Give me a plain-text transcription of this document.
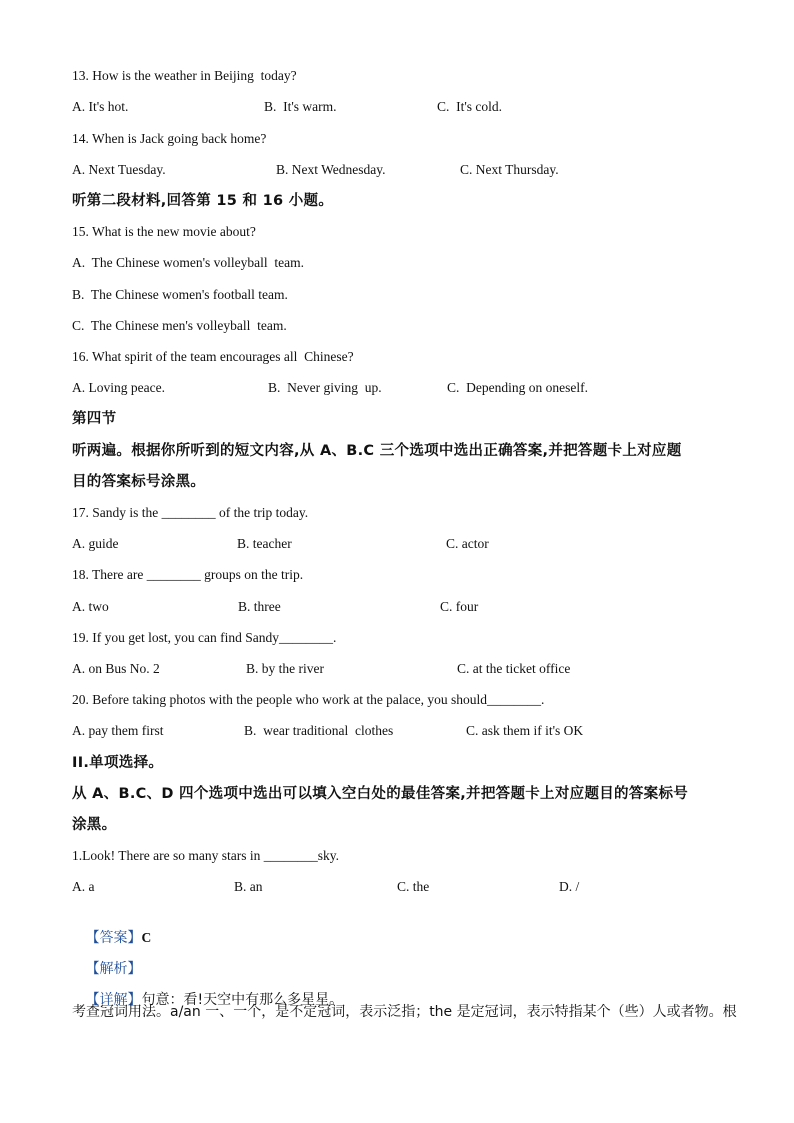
13. How is the weather in Beijing  today?
A. It's hot.	B.  It's warm.	C.  It's cold.
14. When is Jack going back home?
A. Next Tuesday.	B. Next Wednesday.	C. Next Thursday.
听第二段材料,回答第 15 和 16 小题。
15. What is the new movie about?
A.  The Chinese women's volleyball  team.
B.  The Chinese women's football team.
C.  The Chinese men's volleyball  team.
16. What spirit of the team encourages all  Chinese?
A. Loving peace.	B.  Never giving  up.	C.  Depending on oneself.
第四节
听两遍。根据你所听到的短文内容,从 A、B.C 三个选项中选出正确答案,并把答题卡上对应题
目的答案标号涂黑。
17. Sandy is the ________ of the trip today.
A. guide	B. teacher	C. actor
18. There are ________ groups on the trip.
A. two	B. three	C. four
19. If you get lost, you can find Sandy________.
A. on Bus No. 2	B. by the river	C. at the ticket office
20. Before taking photos with the people who work at the palace, you should________.
A. pay them first	B.  wear traditional  clothes	C. ask them if it's OK
II.单项选择。
从 A、B.C、D 四个选项中选出可以填入空白处的最佳答案,并把答题卡上对应题目的答案标号
涂黑。
1.Look! There are so many stars in ________sky.
A. a	B. an	C. the	D. /

【答案】C

【解析】

【详解】句意：看!天空中有那么多星星。

考查冠词用法。a/an 一、一个，是不定冠词，表示泛指；the 是定冠词，表示特指某个（些）人或者物。根
